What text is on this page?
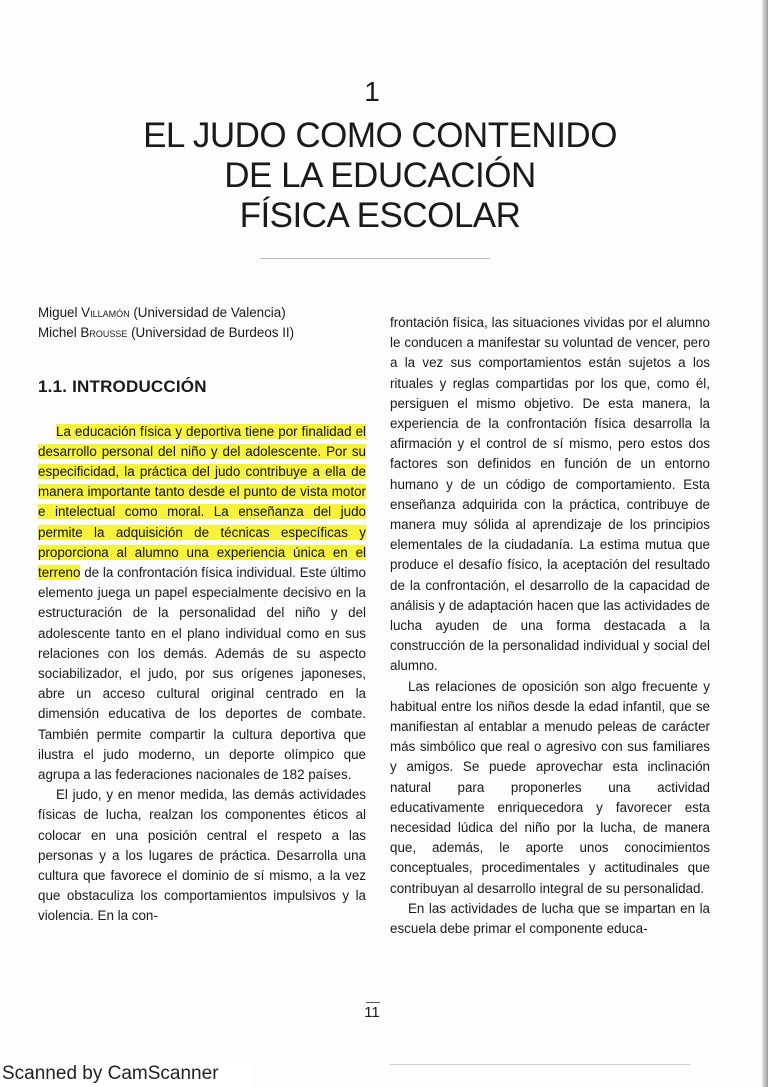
1
EL JUDO COMO CONTENIDO
DE LA EDUCACIÓN
FÍSICA ESCOLAR
Miguel Villamón (Universidad de Valencia)
Michel Brousse (Universidad de Burdeos II)
1.1. INTRODUCCIÓN

La educación física y deportiva tiene por finalidad el desarrollo personal del niño y del adolescente. Por su especificidad, la práctica del judo contribuye a ella de manera importante tanto desde el punto de vista motor e intelectual como moral. La enseñanza del judo permite la adquisición de técnicas específicas y proporciona al alumno una experiencia única en el terreno de la confrontación física individual. Este último elemento juega un papel especialmente decisivo en la estructuración de la personalidad del niño y del adolescente tanto en el plano individual como en sus relaciones con los demás. Además de su aspecto sociabilizador, el judo, por sus orígenes japoneses, abre un acceso cultural original centrado en la dimensión educativa de los deportes de combate. También permite compartir la cultura deportiva que ilustra el judo moderno, un deporte olímpico que agrupa a las federaciones nacionales de 182 países.

El judo, y en menor medida, las demás actividades físicas de lucha, realzan los componentes éticos al colocar en una posición central el respeto a las personas y a los lugares de práctica. Desarrolla una cultura que favorece el dominio de sí mismo, a la vez que obstaculiza los comportamientos impulsivos y la violencia. En la con-

frontación física, las situaciones vividas por el alumno le conducen a manifestar su voluntad de vencer, pero a la vez sus comportamientos están sujetos a los rituales y reglas compartidas por los que, como él, persiguen el mismo objetivo. De esta manera, la experiencia de la confrontación física desarrolla la afirmación y el control de sí mismo, pero estos dos factores son definidos en función de un entorno humano y de un código de comportamiento. Esta enseñanza adquirida con la práctica, contribuye de manera muy sólida al aprendizaje de los principios elementales de la ciudadanía. La estima mutua que produce el desafío físico, la aceptación del resultado de la confrontación, el desarrollo de la capacidad de análisis y de adaptación hacen que las actividades de lucha ayuden de una forma destacada a la construcción de la personalidad individual y social del alumno.

Las relaciones de oposición son algo frecuente y habitual entre los niños desde la edad infantil, que se manifiestan al entablar a menudo peleas de carácter más simbólico que real o agresivo con sus familiares y amigos. Se puede aprovechar esta inclinación natural para proponerles una actividad educativamente enriquecedora y favorecer esta necesidad lúdica del niño por la lucha, de manera que, además, le aporte unos conocimientos conceptuales, procedimentales y actitudinales que contribuyan al desarrollo integral de su personalidad.

En las actividades de lucha que se impartan en la escuela debe primar el componente educa-

11
Scanned by CamScanner
